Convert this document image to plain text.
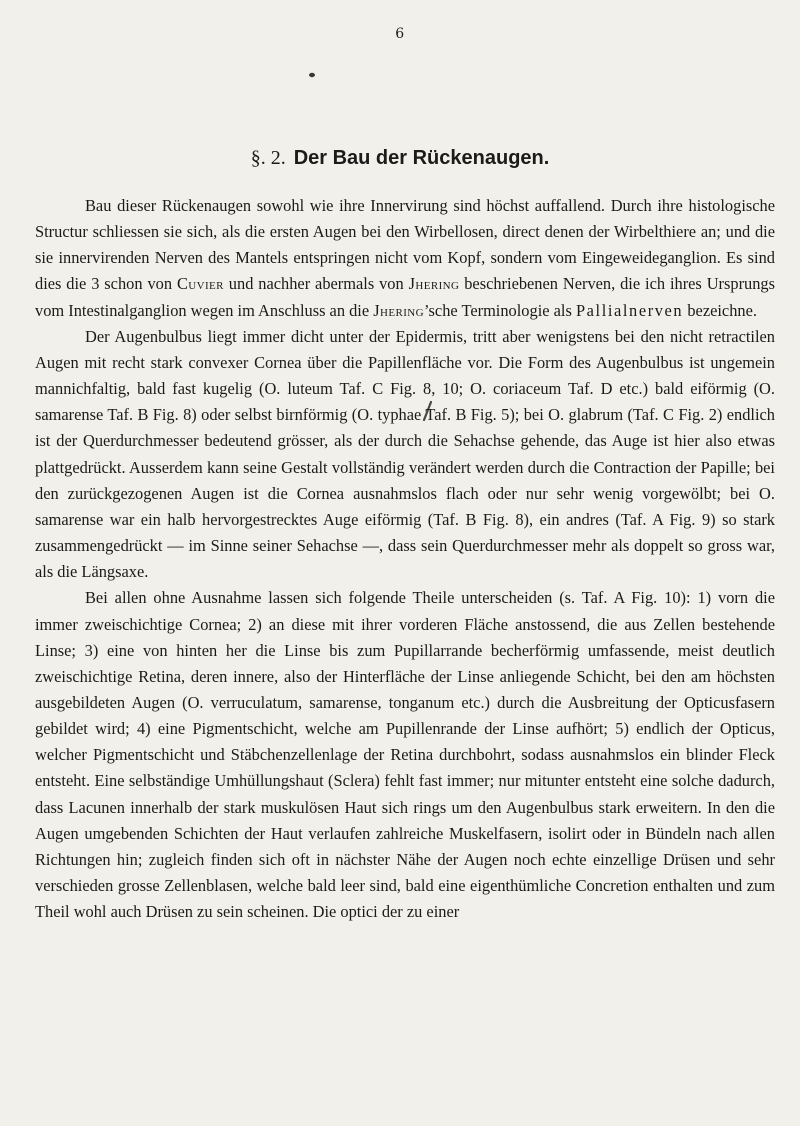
6
§. 2. Der Bau der Rückenaugen.

Bau dieser Rückenaugen sowohl wie ihre Innervirung sind höchst auffallend. Durch ihre histologische Structur schliessen sie sich, als die ersten Augen bei den Wirbellosen, direct denen der Wirbelthiere an; und die sie innervirenden Nerven des Mantels entspringen nicht vom Kopf, sondern vom Eingeweideganglion. Es sind dies die 3 schon von Cuvier und nachher abermals von Jhering beschriebenen Nerven, die ich ihres Ursprungs vom Intestinalganglion wegen im Anschluss an die Jhering’sche Terminologie als Pallialnerven bezeichne.

Der Augenbulbus liegt immer dicht unter der Epidermis, tritt aber wenigstens bei den nicht retractilen Augen mit recht stark convexer Cornea über die Papillenfläche vor. Die Form des Augenbulbus ist ungemein mannichfaltig, bald fast kugelig (O. luteum Taf. C Fig. 8, 10; O. coriaceum Taf. D etc.) bald eiförmig (O. samarense Taf. B Fig. 8) oder selbst birnförmig (O. typhae Taf. B Fig. 5); bei O. glabrum (Taf. C Fig. 2) endlich ist der Querdurchmesser bedeutend grösser, als der durch die Sehachse gehende, das Auge ist hier also etwas plattgedrückt. Ausserdem kann seine Gestalt vollständig verändert werden durch die Contraction der Papille; bei den zurückgezogenen Augen ist die Cornea ausnahmslos flach oder nur sehr wenig vorgewölbt; bei O. samarense war ein halb hervorgestrecktes Auge eiförmig (Taf. B Fig. 8), ein andres (Taf. A Fig. 9) so stark zusammengedrückt — im Sinne seiner Sehachse —, dass sein Querdurchmesser mehr als doppelt so gross war, als die Längsaxe.

Bei allen ohne Ausnahme lassen sich folgende Theile unterscheiden (s. Taf. A Fig. 10): 1) vorn die immer zweischichtige Cornea; 2) an diese mit ihrer vorderen Fläche anstossend, die aus Zellen bestehende Linse; 3) eine von hinten her die Linse bis zum Pupillarrande becherförmig umfassende, meist deutlich zweischichtige Retina, deren innere, also der Hinterfläche der Linse anliegende Schicht, bei den am höchsten ausgebildeten Augen (O. verruculatum, samarense, tonganum etc.) durch die Ausbreitung der Opticusfasern gebildet wird; 4) eine Pigmentschicht, welche am Pupillenrande der Linse aufhört; 5) endlich der Opticus, welcher Pigmentschicht und Stäbchenzellenlage der Retina durchbohrt, sodass ausnahmslos ein blinder Fleck entsteht. Eine selbständige Umhüllungshaut (Sclera) fehlt fast immer; nur mitunter entsteht eine solche dadurch, dass Lacunen innerhalb der stark muskulösen Haut sich rings um den Augenbulbus stark erweitern. In den die Augen umgebenden Schichten der Haut verlaufen zahlreiche Muskelfasern, isolirt oder in Bündeln nach allen Richtungen hin; zugleich finden sich oft in nächster Nähe der Augen noch echte einzellige Drüsen und sehr verschieden grosse Zellenblasen, welche bald leer sind, bald eine eigenthümliche Concretion enthalten und zum Theil wohl auch Drüsen zu sein scheinen. Die optici der zu einer
